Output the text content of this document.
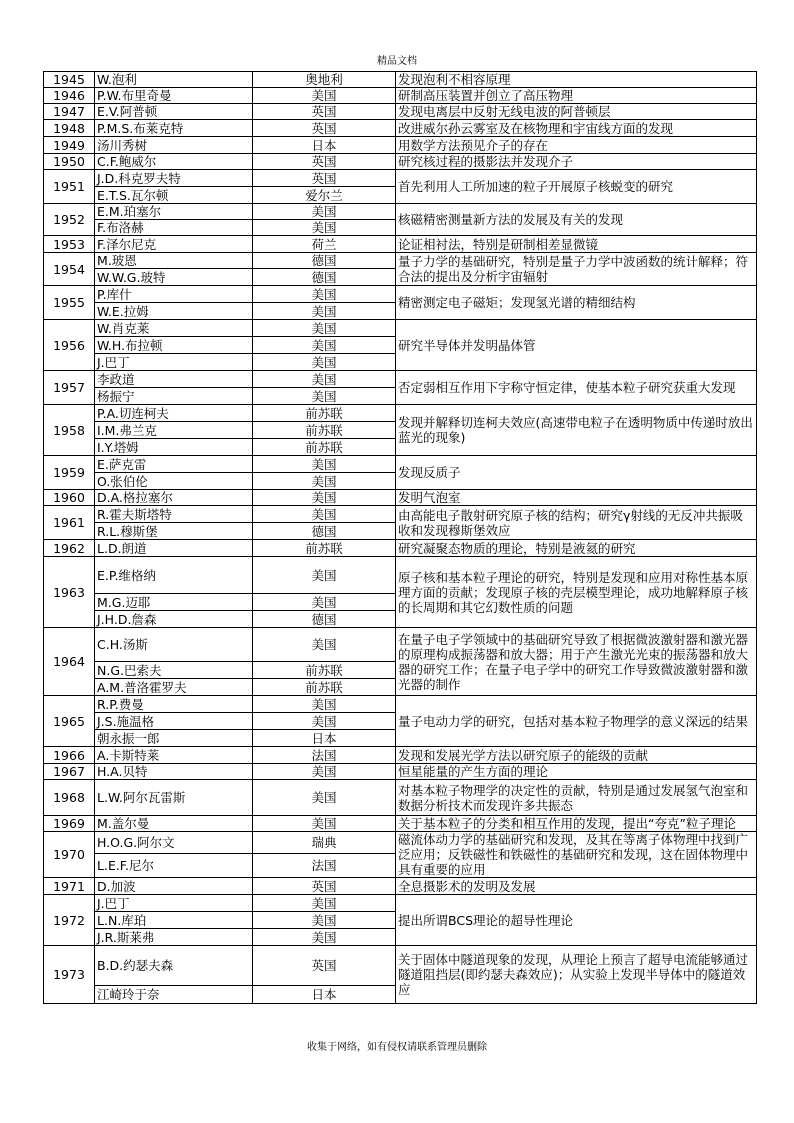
精品文档
1945	W.泡利	奥地利	发现泡利不相容原理
1946	P.W.布里奇曼	美国	研制高压装置并创立了高压物理
1947	E.V.阿普顿	英国	发现电离层中反射无线电波的阿普顿层
1948	P.M.S.布莱克特	英国	改进威尔孙云雾室及在核物理和宇宙线方面的发现
1949	汤川秀树	日本	用数学方法预见介子的存在
1950	C.F.鲍威尔	英国	研究核过程的摄影法并发现介子
1951	J.D.科克罗夫特	英国	首先利用人工所加速的粒子开展原子核蜕变的研究
	E.T.S.瓦尔顿	爱尔兰	
1952	E.M.珀塞尔	美国	核磁精密测量新方法的发展及有关的发现
	F.布洛赫	美国	
1953	F.泽尔尼克	荷兰	论证相衬法，特别是研制相差显微镜
1954	M.玻恩	德国	量子力学的基础研究，特别是量子力学中波函数的统计解释；符合法的提出及分析宇宙辐射
	W.W.G.玻特	德国	
1955	P.库什	美国	精密测定电子磁矩；发现氢光谱的精细结构
	W.E.拉姆	美国	
1956	W.肖克莱	美国	研究半导体并发明晶体管
	W.H.布拉顿	美国	
	J.巴丁	美国	
1957	李政道	美国	否定弱相互作用下宇称守恒定律，使基本粒子研究获重大发现
	杨振宁	美国	
1958	P.A.切连柯夫	前苏联	发现并解释切连柯夫效应(高速带电粒子在透明物质中传递时放出蓝光的现象)
	I.M.弗兰克	前苏联	
	I.Y.塔姆	前苏联	
1959	E.萨克雷	美国	发现反质子
	O.张伯伦	美国	
1960	D.A.格拉塞尔	美国	发明气泡室
1961	R.霍夫斯塔特	美国	由高能电子散射研究原子核的结构；研究γ射线的无反冲共振吸收和发现穆斯堡效应
	R.L.穆斯堡	德国	
1962	L.D.朗道	前苏联	研究凝聚态物质的理论，特别是液氦的研究
1963	E.P.维格纳	美国	原子核和基本粒子理论的研究，特别是发现和应用对称性基本原理方面的贡献；发现原子核的壳层模型理论，成功地解释原子核的长周期和其它幻数性质的问题
	M.G.迈耶	美国	
	J.H.D.詹森	德国	
1964	C.H.汤斯	美国	在量子电子学领域中的基础研究导致了根据微波激射器和激光器的原理构成振荡器和放大器；用于产生激光光束的振荡器和放大器的研究工作；在量子电子学中的研究工作导致微波激射器和激光器的制作
	N.G.巴索夫	前苏联	
	A.M.普洛霍罗夫	前苏联	
1965	R.P.费曼	美国	量子电动力学的研究，包括对基本粒子物理学的意义深远的结果
	J.S.施温格	美国	
	朝永振一郎	日本	
1966	A.卡斯特莱	法国	发现和发展光学方法以研究原子的能级的贡献
1967	H.A.贝特	美国	恒星能量的产生方面的理论
1968	L.W.阿尔瓦雷斯	美国	对基本粒子物理学的决定性的贡献，特别是通过发展氢气泡室和数据分析技术而发现许多共振态
1969	M.盖尔曼	美国	关于基本粒子的分类和相互作用的发现，提出“夸克”粒子理论
1970	H.O.G.阿尔文	瑞典	磁流体动力学的基础研究和发现，及其在等离子体物理中找到广泛应用；反铁磁性和铁磁性的基础研究和发现，这在固体物理中具有重要的应用
	L.E.F.尼尔	法国	
1971	D.加波	英国	全息摄影术的发明及发展
1972	J.巴丁	美国	提出所谓BCS理论的超导性理论
	L.N.库珀	美国	
	J.R.斯莱弗	美国	
1973	B.D.约瑟夫森	英国	关于固体中隧道现象的发现，从理论上预言了超导电流能够通过隧道阻挡层(即约瑟夫森效应)；从实验上发现半导体中的隧道效应
	江崎玲于奈	日本	
收集于网络，如有侵权请联系管理员删除
